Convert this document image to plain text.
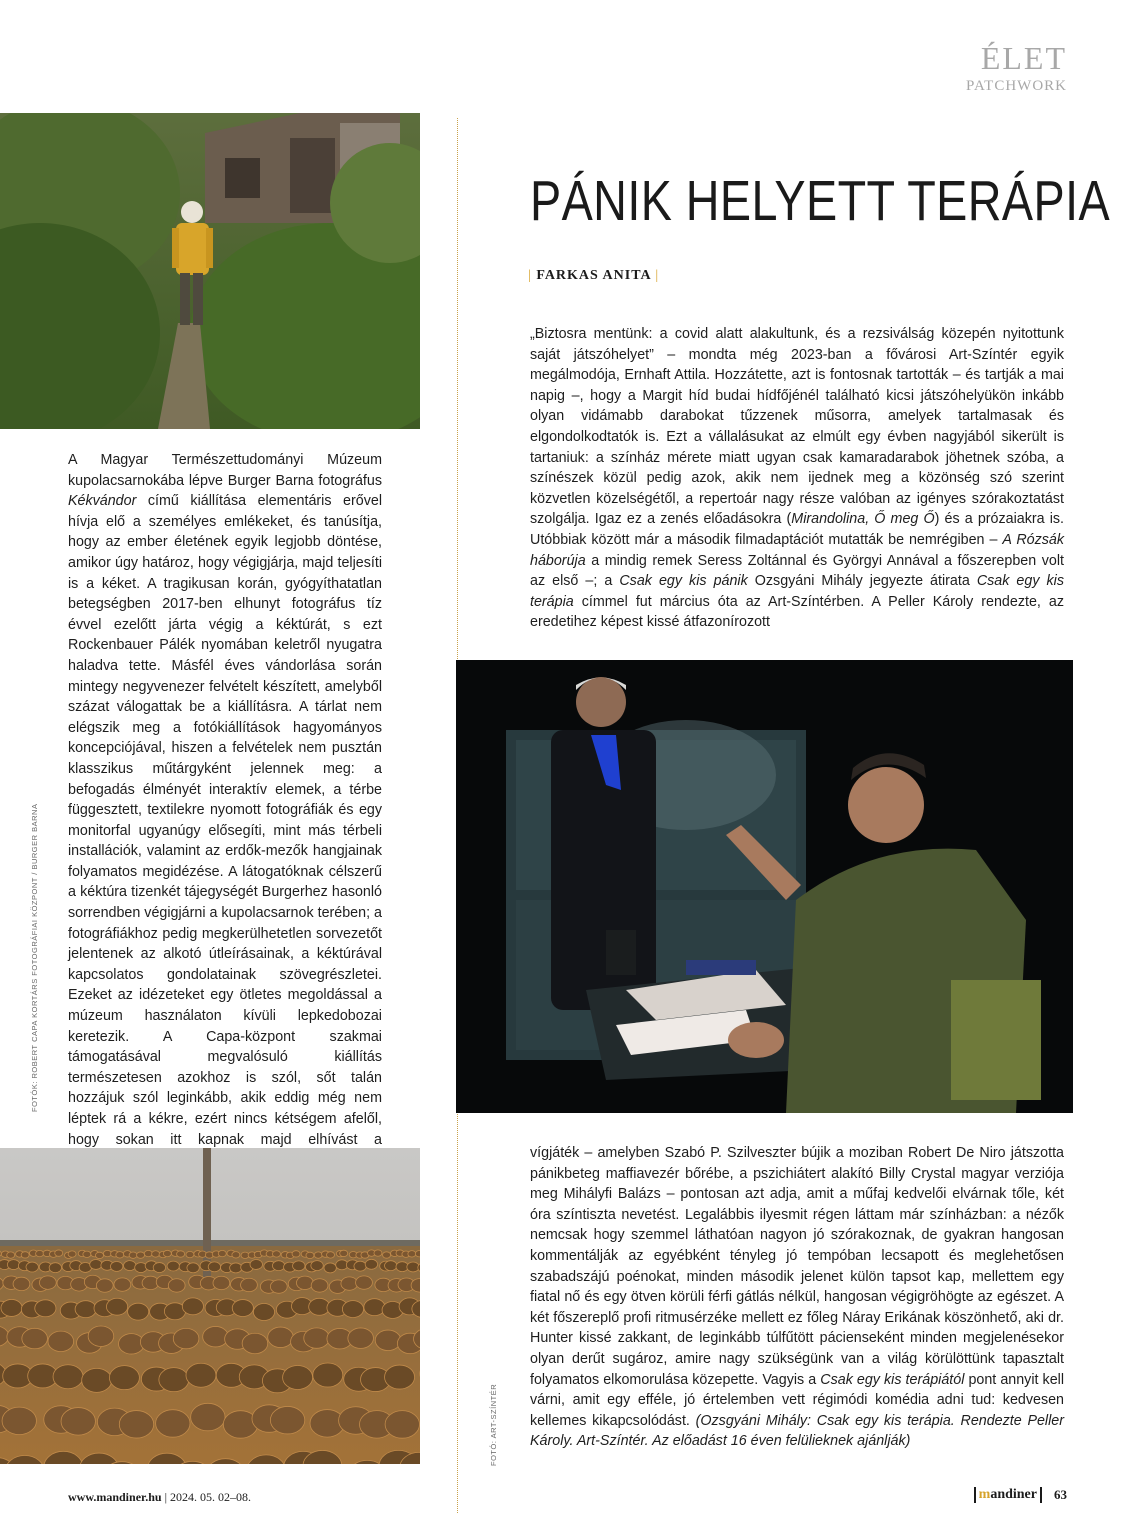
ÉLET
PATCHWORK

A Magyar Természettudományi Múzeum kupolacsarnokába lépve Burger Barna fotográfus Kékvándor című kiállítása elementáris erővel hívja elő a személyes emlékeket, és tanúsítja, hogy az ember életének egyik legjobb döntése, amikor úgy határoz, hogy végigjárja, majd teljesíti is a kéket. A tragikusan korán, gyógyíthatatlan betegségben 2017-ben elhunyt fotográfus tíz évvel ezelőtt járta végig a kéktúrát, s ezt Rockenbauer Pálék nyomában keletről nyugatra haladva tette. Másfél éves vándorlása során mintegy negyvenezer felvételt készített, amelyből százat válogattak be a kiállításra. A tárlat nem elégszik meg a fotókiállítások hagyományos koncepciójával, hiszen a felvételek nem pusztán klasszikus műtárgyként jelennek meg: a befogadás élményét interaktív elemek, a térbe függesztett, textilekre nyomott fotográfiák és egy monitorfal ugyanúgy elősegíti, mint más térbeli installációk, valamint az erdők-mezők hangjainak folyamatos megidézése. A látogatóknak célszerű a kéktúra tizenkét tájegységét Burgerhez hasonló sorrendben végigjárni a kupolacsarnok terében; a fotográfiákhoz pedig megkerülhetetlen sorvezetőt jelentenek az alkotó útleírásainak, a kéktúrával kapcsolatos gondolatainak szövegrészletei. Ezeket az idézeteket egy ötletes megoldással a múzeum használaton kívüli lepkedobozai keretezik. A Capa-központ szakmai támogatásával megvalósuló kiállítás természetesen azokhoz is szól, sőt talán hozzájuk szól leginkább, akik eddig még nem léptek rá a kékre, ezért nincs kétségem afelől, hogy sokan itt kapnak majd elhívást a

FOTÓK: ROBERT CAPA KORTÁRS FOTOGRÁFIAI KÖZPONT / BURGER BARNA
PÁNIK HELYETT TERÁPIA
| FARKAS ANITA |

„Biztosra mentünk: a covid alatt alakultunk, és a rezsiválság közepén nyitottunk saját játszóhelyet” – mondta még 2023-ban a fővárosi Art-Színtér egyik megálmodója, Ernhaft Attila. Hozzátette, azt is fontosnak tartották – és tartják a mai napig –, hogy a Margit híd budai hídfőjénél található kicsi játszóhelyükön inkább olyan vidámabb darabokat tűzzenek műsorra, amelyek tartalmasak és elgondolkodtatók is. Ezt a vállalásukat az elmúlt egy évben nagyjából sikerült is tartaniuk: a színház mérete miatt ugyan csak kamaradarabok jöhetnek szóba, a színészek közül pedig azok, akik nem ijednek meg a közönség szó szerint közvetlen közelségétől, a repertoár nagy része valóban az igényes szórakoztatást szolgálja. Igaz ez a zenés előadásokra (Mirandolina, Ő meg Ő) és a prózaiakra is. Utóbbiak között már a második filmadaptációt mutatták be nemrégiben – A Rózsák háborúja a mindig remek Seress Zoltánnal és Györgyi Annával a főszerepben volt az első –; a Csak egy kis pánik Ozsgyáni Mihály jegyezte átirata Csak egy kis terápia címmel fut március óta az Art-Színtérben. A Peller Károly rendezte, az eredetihez képest kissé átfazonírozott

vígjáték – amelyben Szabó P. Szilveszter bújik a moziban Robert De Niro játszotta pánikbeteg maffiavezér bőrébe, a pszichiátert alakító Billy Crystal magyar verziója meg Mihályfi Balázs – pontosan azt adja, amit a műfaj kedvelői elvárnak tőle, két óra színtiszta nevetést. Legalábbis ilyesmit régen láttam már színházban: a nézők nemcsak hogy szemmel láthatóan nagyon jó szórakoznak, de gyakran hangosan kommentálják az egyébként tényleg jó tempóban lecsapott és meglehetősen szabadszájú poénokat, minden második jelenet külön tapsot kap, mellettem egy fiatal nő és egy ötven körüli férfi gátlás nélkül, hangosan végigröhögte az egészet. A két főszereplő profi ritmusérzéke mellett ez főleg Náray Erikának köszönhető, aki dr. Hunter kissé zakkant, de leginkább túlfűtött pácienseként minden megjelenésekor olyan derűt sugároz, amire nagy szükségünk van a világ körülöttünk tapasztalt folyamatos elkomorulása közepette. Vagyis a Csak egy kis terápiától pont annyit kell várni, amit egy efféle, jó értelemben vett régimódi komédia adni tud: kedvesen kellemes kikapcsolódást. (Ozsgyáni Mihály: Csak egy kis terápia. Rendezte Peller Károly. Art-Színtér. Az előadást 16 éven felülieknek ajánlják)

FOTÓ: ART-SZÍNTÉR
www.mandiner.hu | 2024. 05. 02–08.	mandiner	63
